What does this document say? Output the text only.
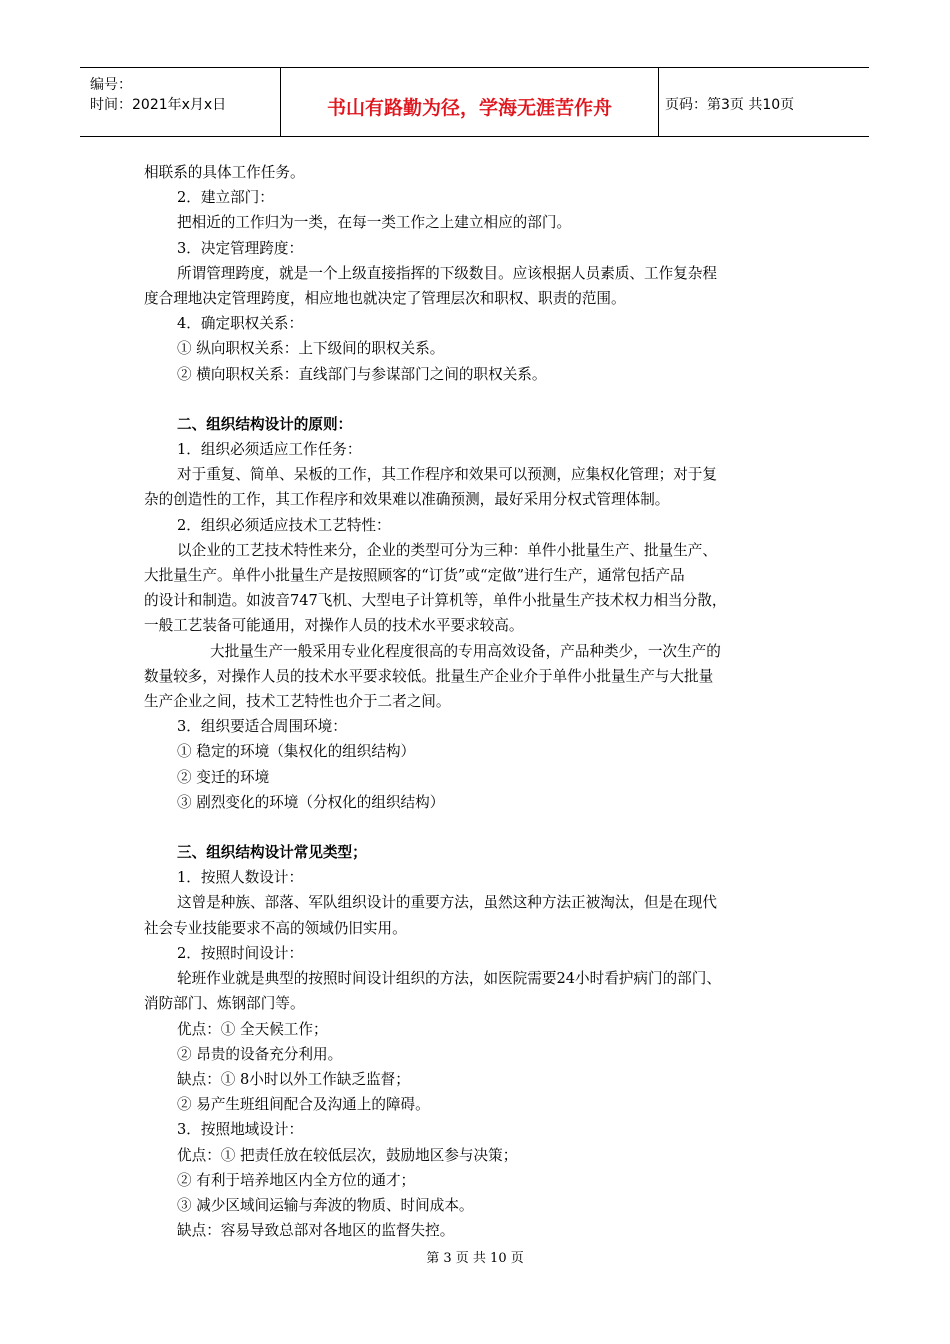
编号：
时间：2021年x月x日	书山有路勤为径，学海无涯苦作舟	页码：第3页 共10页

相联系的具体工作任务。

2．建立部门：

把相近的工作归为一类，在每一类工作之上建立相应的部门。

3．决定管理跨度：

所谓管理跨度，就是一个上级直接指挥的下级数目。应该根据人员素质、工作复杂程

度合理地决定管理跨度，相应地也就决定了管理层次和职权、职责的范围。

4．确定职权关系：

① 纵向职权关系：上下级间的职权关系。

② 横向职权关系：直线部门与参谋部门之间的职权关系。

二、组织结构设计的原则：

1．组织必须适应工作任务：

对于重复、简单、呆板的工作，其工作程序和效果可以预测，应集权化管理；对于复

杂的创造性的工作，其工作程序和效果难以准确预测，最好采用分权式管理体制。

2．组织必须适应技术工艺特性：

以企业的工艺技术特性来分，企业的类型可分为三种：单件小批量生产、批量生产、

大批量生产。单件小批量生产是按照顾客的“订货”或“定做”进行生产，通常包括产品

的设计和制造。如波音747飞机、大型电子计算机等，单件小批量生产技术权力相当分散，

一般工艺装备可能通用，对操作人员的技术水平要求较高。

大批量生产一般采用专业化程度很高的专用高效设备，产品种类少，一次生产的

数量较多，对操作人员的技术水平要求较低。批量生产企业介于单件小批量生产与大批量

生产企业之间，技术工艺特性也介于二者之间。

3．组织要适合周围环境：

① 稳定的环境（集权化的组织结构）

② 变迁的环境

③ 剧烈变化的环境（分权化的组织结构）

三、组织结构设计常见类型；

1．按照人数设计：

这曾是种族、部落、军队组织设计的重要方法，虽然这种方法正被淘汰，但是在现代

社会专业技能要求不高的领域仍旧实用。

2．按照时间设计：

轮班作业就是典型的按照时间设计组织的方法，如医院需要24小时看护病门的部门、

消防部门、炼钢部门等。

优点：① 全天候工作；

② 昂贵的设备充分利用。

缺点：① 8小时以外工作缺乏监督；

② 易产生班组间配合及沟通上的障碍。

3．按照地域设计：

优点：① 把责任放在较低层次，鼓励地区参与决策；

② 有利于培养地区内全方位的通才；

③ 减少区域间运输与奔波的物质、时间成本。

缺点：容易导致总部对各地区的监督失控。

第 3 页 共 10 页
